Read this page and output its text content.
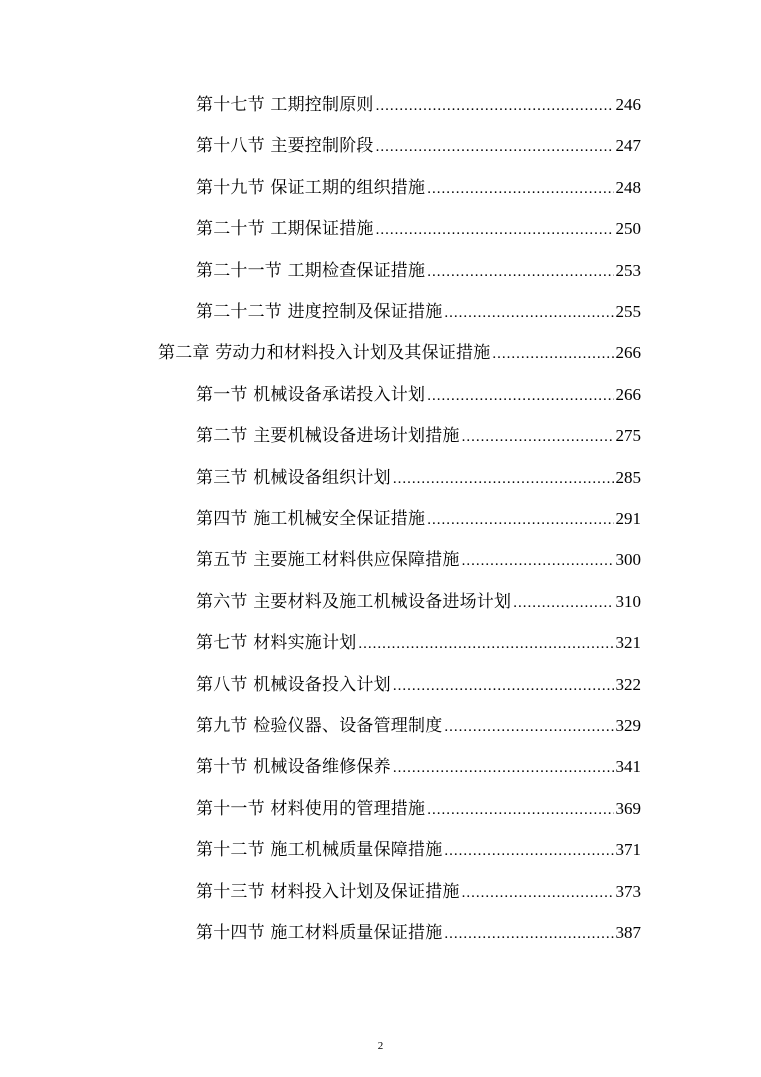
第十七节 工期控制原则 .....	246
第十八节 主要控制阶段 .....	247
第十九节 保证工期的组织措施 .....	248
第二十节 工期保证措施 .....	250
第二十一节 工期检查保证措施 .....	253
第二十二节 进度控制及保证措施 .....	255
第二章 劳动力和材料投入计划及其保证措施 .....	266
第一节 机械设备承诺投入计划 .....	266
第二节 主要机械设备进场计划措施 .....	275
第三节 机械设备组织计划 .....	285
第四节 施工机械安全保证措施 .....	291
第五节 主要施工材料供应保障措施 .....	300
第六节 主要材料及施工机械设备进场计划 .....	310
第七节 材料实施计划 .....	321
第八节 机械设备投入计划 .....	322
第九节 检验仪器、设备管理制度 .....	329
第十节 机械设备维修保养 .....	341
第十一节 材料使用的管理措施 .....	369
第十二节 施工机械质量保障措施 .....	371
第十三节 材料投入计划及保证措施 .....	373
第十四节 施工材料质量保证措施 .....	387
2
